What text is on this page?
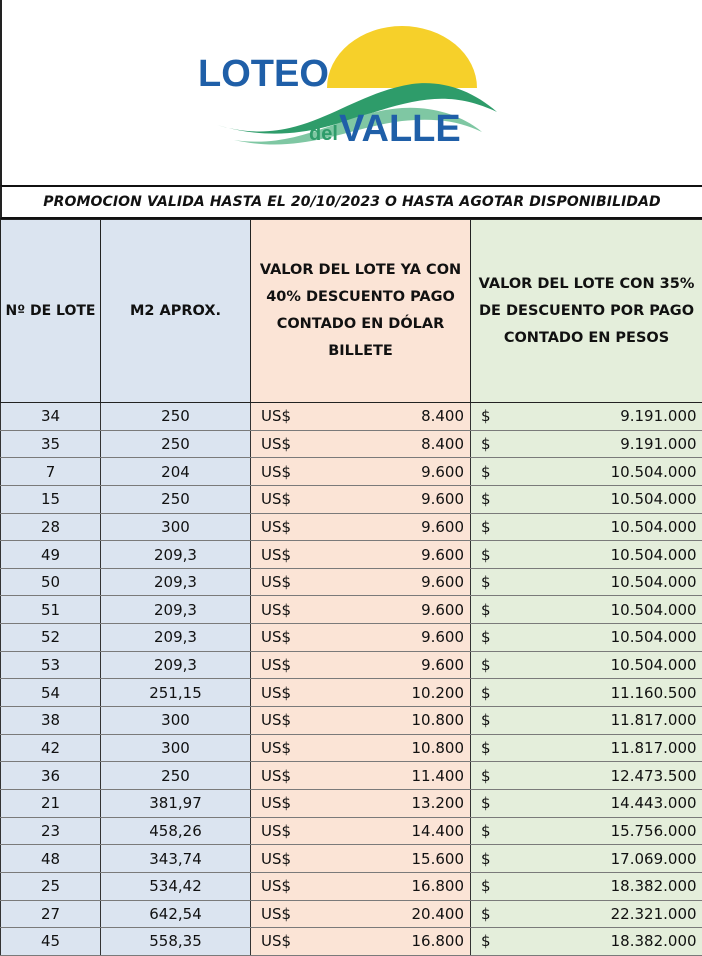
LOTEO
del VALLE
PROMOCION VALIDA HASTA EL 20/10/2023 O HASTA AGOTAR DISPONIBILIDAD
Nº DE LOTE	M2 APROX.	VALOR DEL LOTE YA CON 40% DESCUENTO PAGO CONTADO EN DÓLAR BILLETE		VALOR DEL LOTE CON 35% DE DESCUENTO POR PAGO CONTADO EN PESOS	
34	250	US$	8.400	$	9.191.000
35	250	US$	8.400	$	9.191.000
7	204	US$	9.600	$	10.504.000
15	250	US$	9.600	$	10.504.000
28	300	US$	9.600	$	10.504.000
49	209,3	US$	9.600	$	10.504.000
50	209,3	US$	9.600	$	10.504.000
51	209,3	US$	9.600	$	10.504.000
52	209,3	US$	9.600	$	10.504.000
53	209,3	US$	9.600	$	10.504.000
54	251,15	US$	10.200	$	11.160.500
38	300	US$	10.800	$	11.817.000
42	300	US$	10.800	$	11.817.000
36	250	US$	11.400	$	12.473.500
21	381,97	US$	13.200	$	14.443.000
23	458,26	US$	14.400	$	15.756.000
48	343,74	US$	15.600	$	17.069.000
25	534,42	US$	16.800	$	18.382.000
27	642,54	US$	20.400	$	22.321.000
45	558,35	US$	16.800	$	18.382.000
